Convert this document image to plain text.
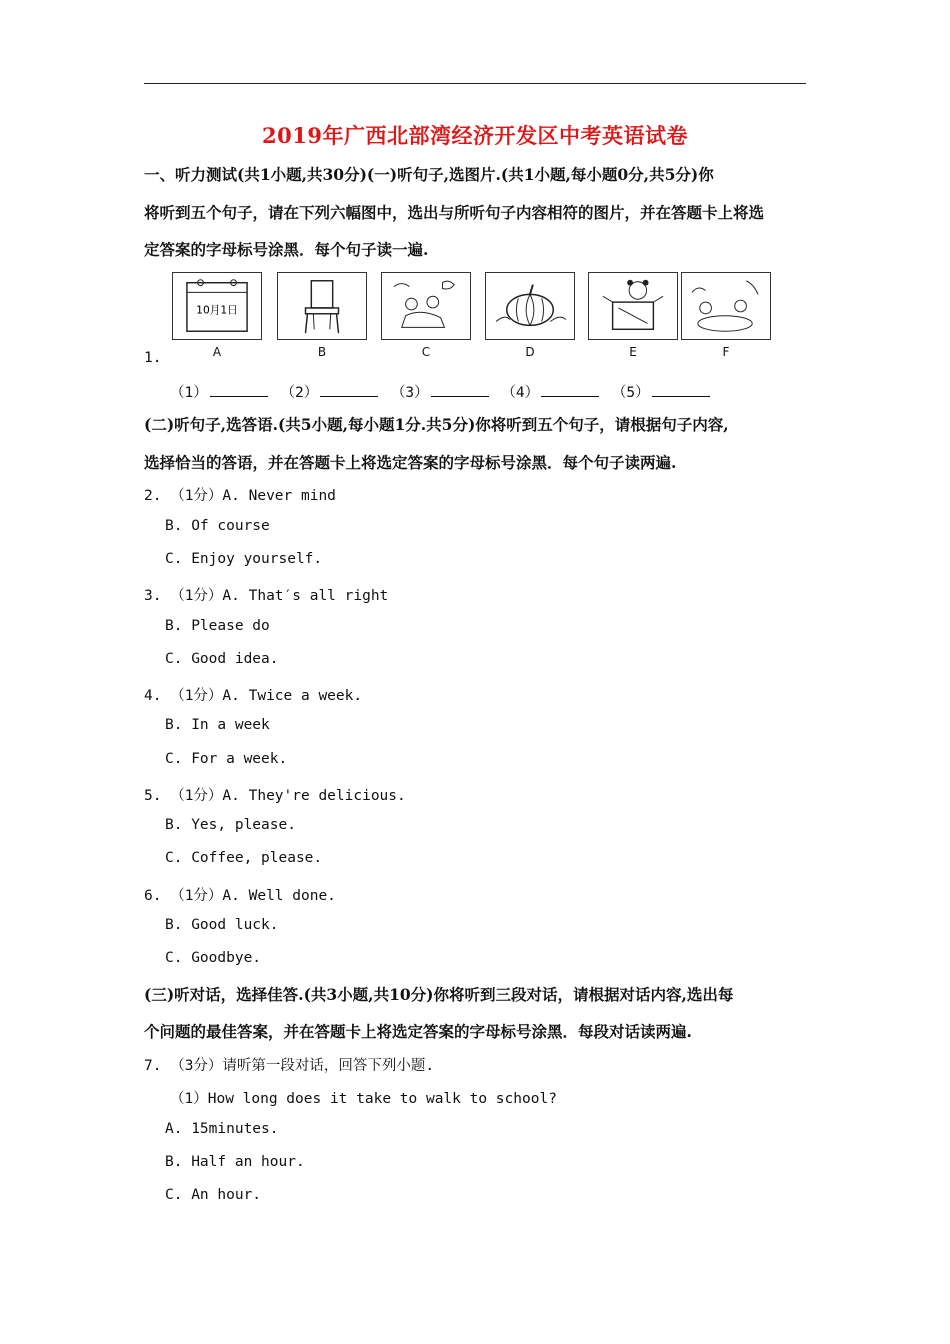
2019年广西北部湾经济开发区中考英语试卷
一、听力测试(共1小题,共30分)(一)听句子,选图片.(共1小题,每小题0分,共5分)你
将听到五个句子，请在下列六幅图中，选出与所听句子内容相符的图片，并在答题卡上将选
定答案的字母标号涂黑．每个句子读一遍.
10月1日
A	B	C	D	E	F
1.
（1）	（2）	（3）	（4）	（5）
(二)听句子,选答语.(共5小题,每小题1分.共5分)你将听到五个句子，请根据句子内容,
选择恰当的答语，并在答题卡上将选定答案的字母标号涂黑．每个句子读两遍.
2. （1分）A. Never mind
B. Of course
C. Enjoy yourself.
3. （1分）A. That′s all right
B. Please do
C. Good idea.
4. （1分）A. Twice a week.
B. In a week
C. For a week.
5. （1分）A. They're delicious.
B. Yes, please.
C. Coffee, please.
6. （1分）A. Well done.
B. Good luck.
C. Goodbye.
(三)听对话，选择佳答.(共3小题,共10分)你将听到三段对话，请根据对话内容,选出每
个问题的最佳答案，并在答题卡上将选定答案的字母标号涂黑．每段对话读两遍.
7. （3分）请听第一段对话，回答下列小题.
（1）How long does it take to walk to school?
A. 15minutes.
B. Half an hour.
C. An hour.
